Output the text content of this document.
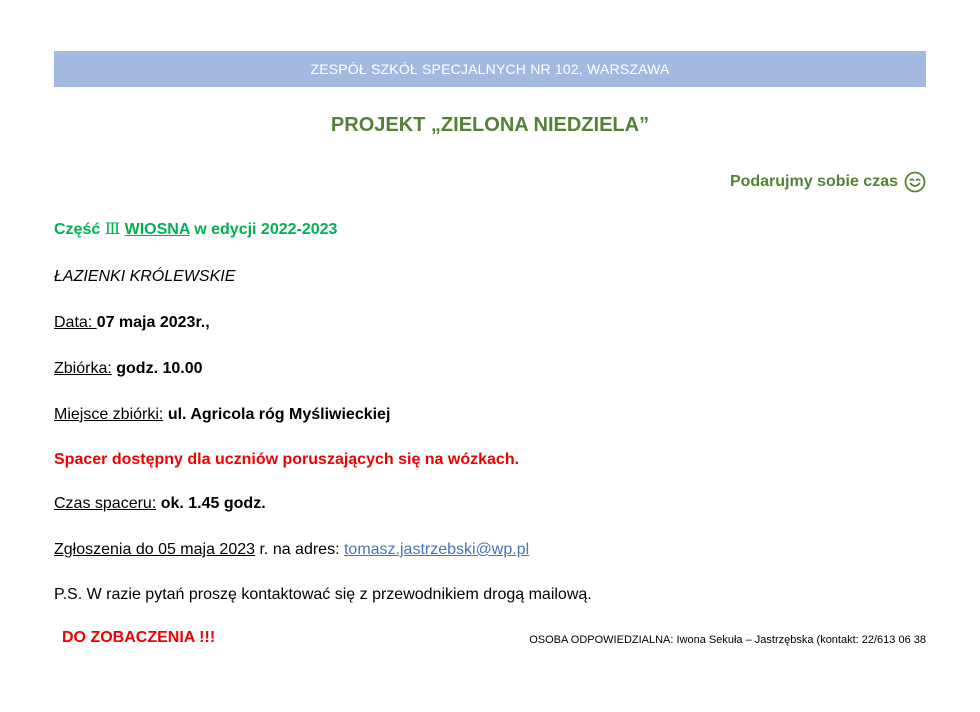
ZESPÓŁ SZKÓŁ SPECJALNYCH NR 102, WARSZAWA
PROJEKT „ZIELONA NIEDZIELA”
Podarujmy sobie czas
Część Ⅲ WIOSNA w edycji 2022-2023
ŁAZIENKI KRÓLEWSKIE
Data: 07 maja 2023r.,
Zbiórka: godz. 10.00
Miejsce zbiórki: ul. Agricola róg Myśliwieckiej
Spacer dostępny dla uczniów poruszających się na wózkach.
Czas spaceru: ok. 1.45 godz.
Zgłoszenia do 05 maja 2023 r. na adres: tomasz.jastrzebski@wp.pl
P.S. W razie pytań proszę kontaktować się z przewodnikiem drogą mailową.
DO ZOBACZENIA !!!	OSOBA ODPOWIEDZIALNA: Iwona Sekuła – Jastrzębska (kontakt: 22/613 06 38
